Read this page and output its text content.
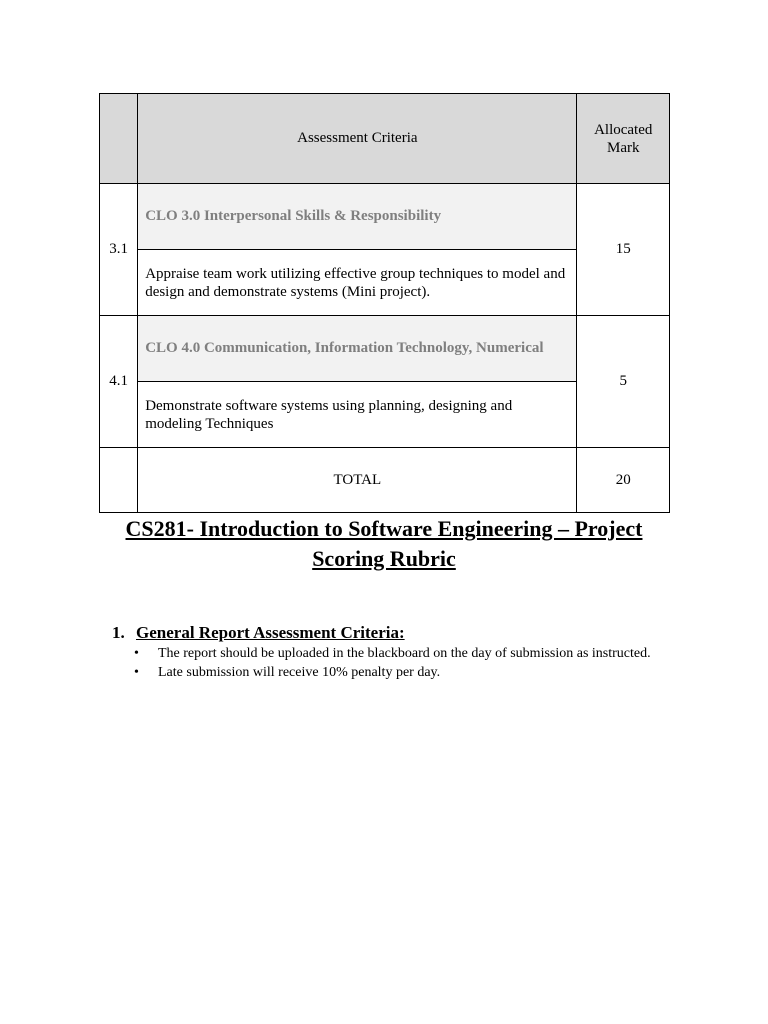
	Assessment Criteria	Allocated
Mark
3.1	CLO 3.0 Interpersonal Skills & Responsibility	15
	Appraise team work utilizing effective group techniques to model and design and demonstrate systems (Mini project).	
4.1	CLO 4.0 Communication, Information Technology, Numerical	5
	Demonstrate software systems using planning, designing and modeling Techniques	
	TOTAL	20
CS281- Introduction to Software Engineering – Project Scoring Rubric

1. General Report Assessment Criteria:

• The report should be uploaded in the blackboard on the day of submission as instructed.
• Late submission will receive 10% penalty per day.
